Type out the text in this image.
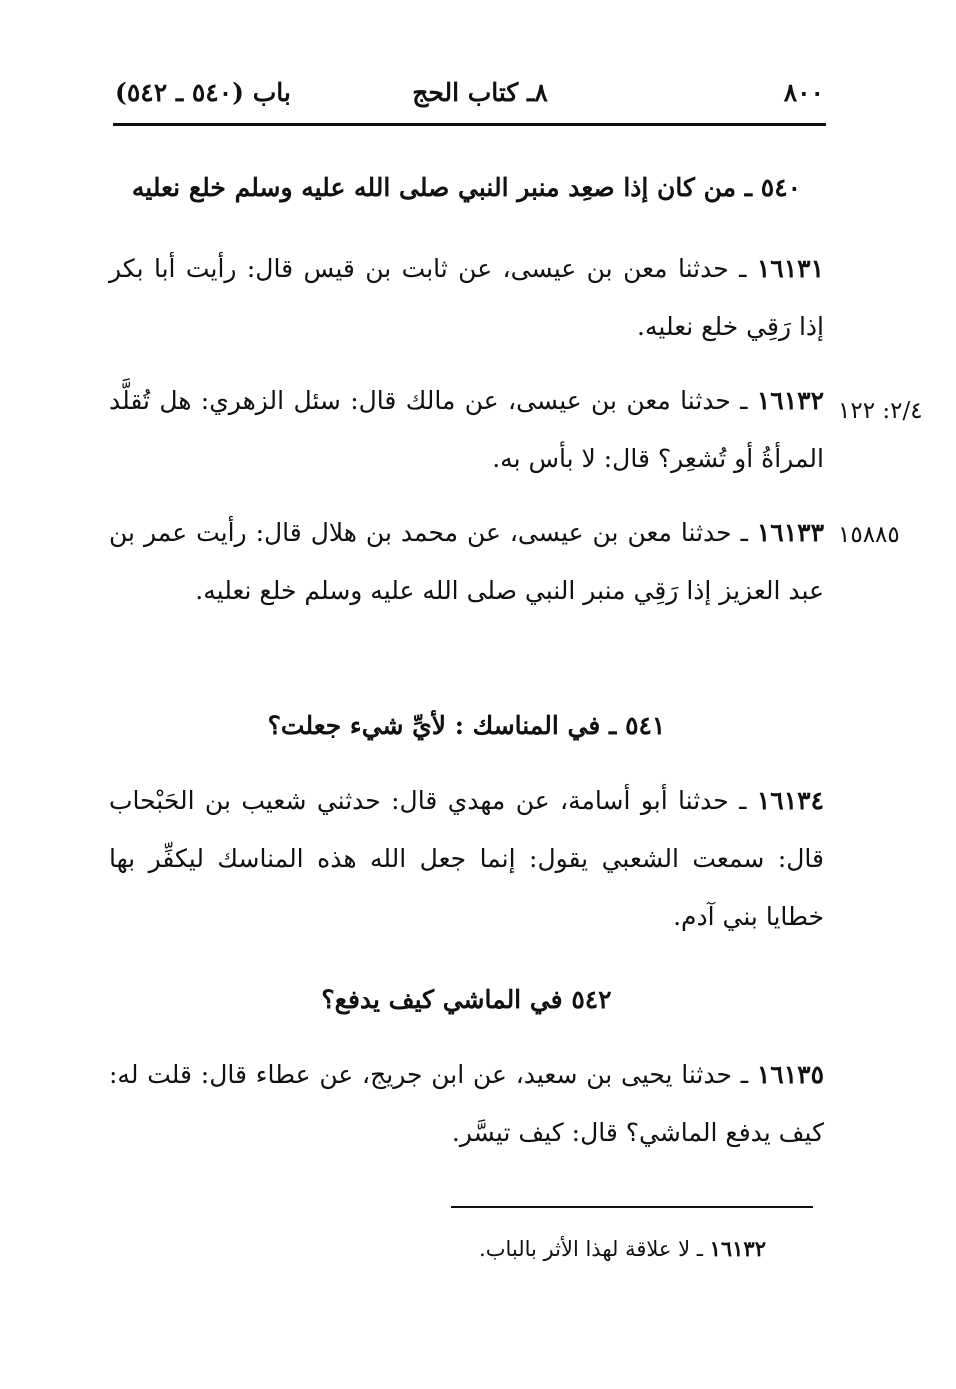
٨٠٠
٨ـ كتاب الحج
باب (٥٤٠ ـ ٥٤٢)
٥٤٠ ـ من كان إذا صعِد منبر النبي صلى الله عليه وسلم خلع نعليه
١٦١٣١ ـ حدثنا معن بن عيسى، عن ثابت بن قيس قال: رأيت أبا بكر إذا رَقِي خلع نعليه.
٢/٤: ١٢٢
١٦١٣٢ ـ حدثنا معن بن عيسى، عن مالك قال: سئل الزهري: هل تُقلَّد المرأةُ أو تُشعِر؟ قال: لا بأس به.
١٥٨٨٥
١٦١٣٣ ـ حدثنا معن بن عيسى، عن محمد بن هلال قال: رأيت عمر بن عبد العزيز إذا رَقِي منبر النبي صلى الله عليه وسلم خلع نعليه.
٥٤١ ـ في المناسك : لأيِّ شيء جعلت؟
١٦١٣٤ ـ حدثنا أبو أسامة، عن مهدي قال: حدثني شعيب بن الحَبْحاب قال: سمعت الشعبي يقول: إنما جعل الله هذه المناسك ليكفِّر بها خطايا بني آدم.
٥٤٢ في الماشي كيف يدفع؟
١٦١٣٥ ـ حدثنا يحيى بن سعيد، عن ابن جريج، عن عطاء قال: قلت له: كيف يدفع الماشي؟ قال: كيف تيسَّر.
١٦١٣٢ ـ لا علاقة لهذا الأثر بالباب.
